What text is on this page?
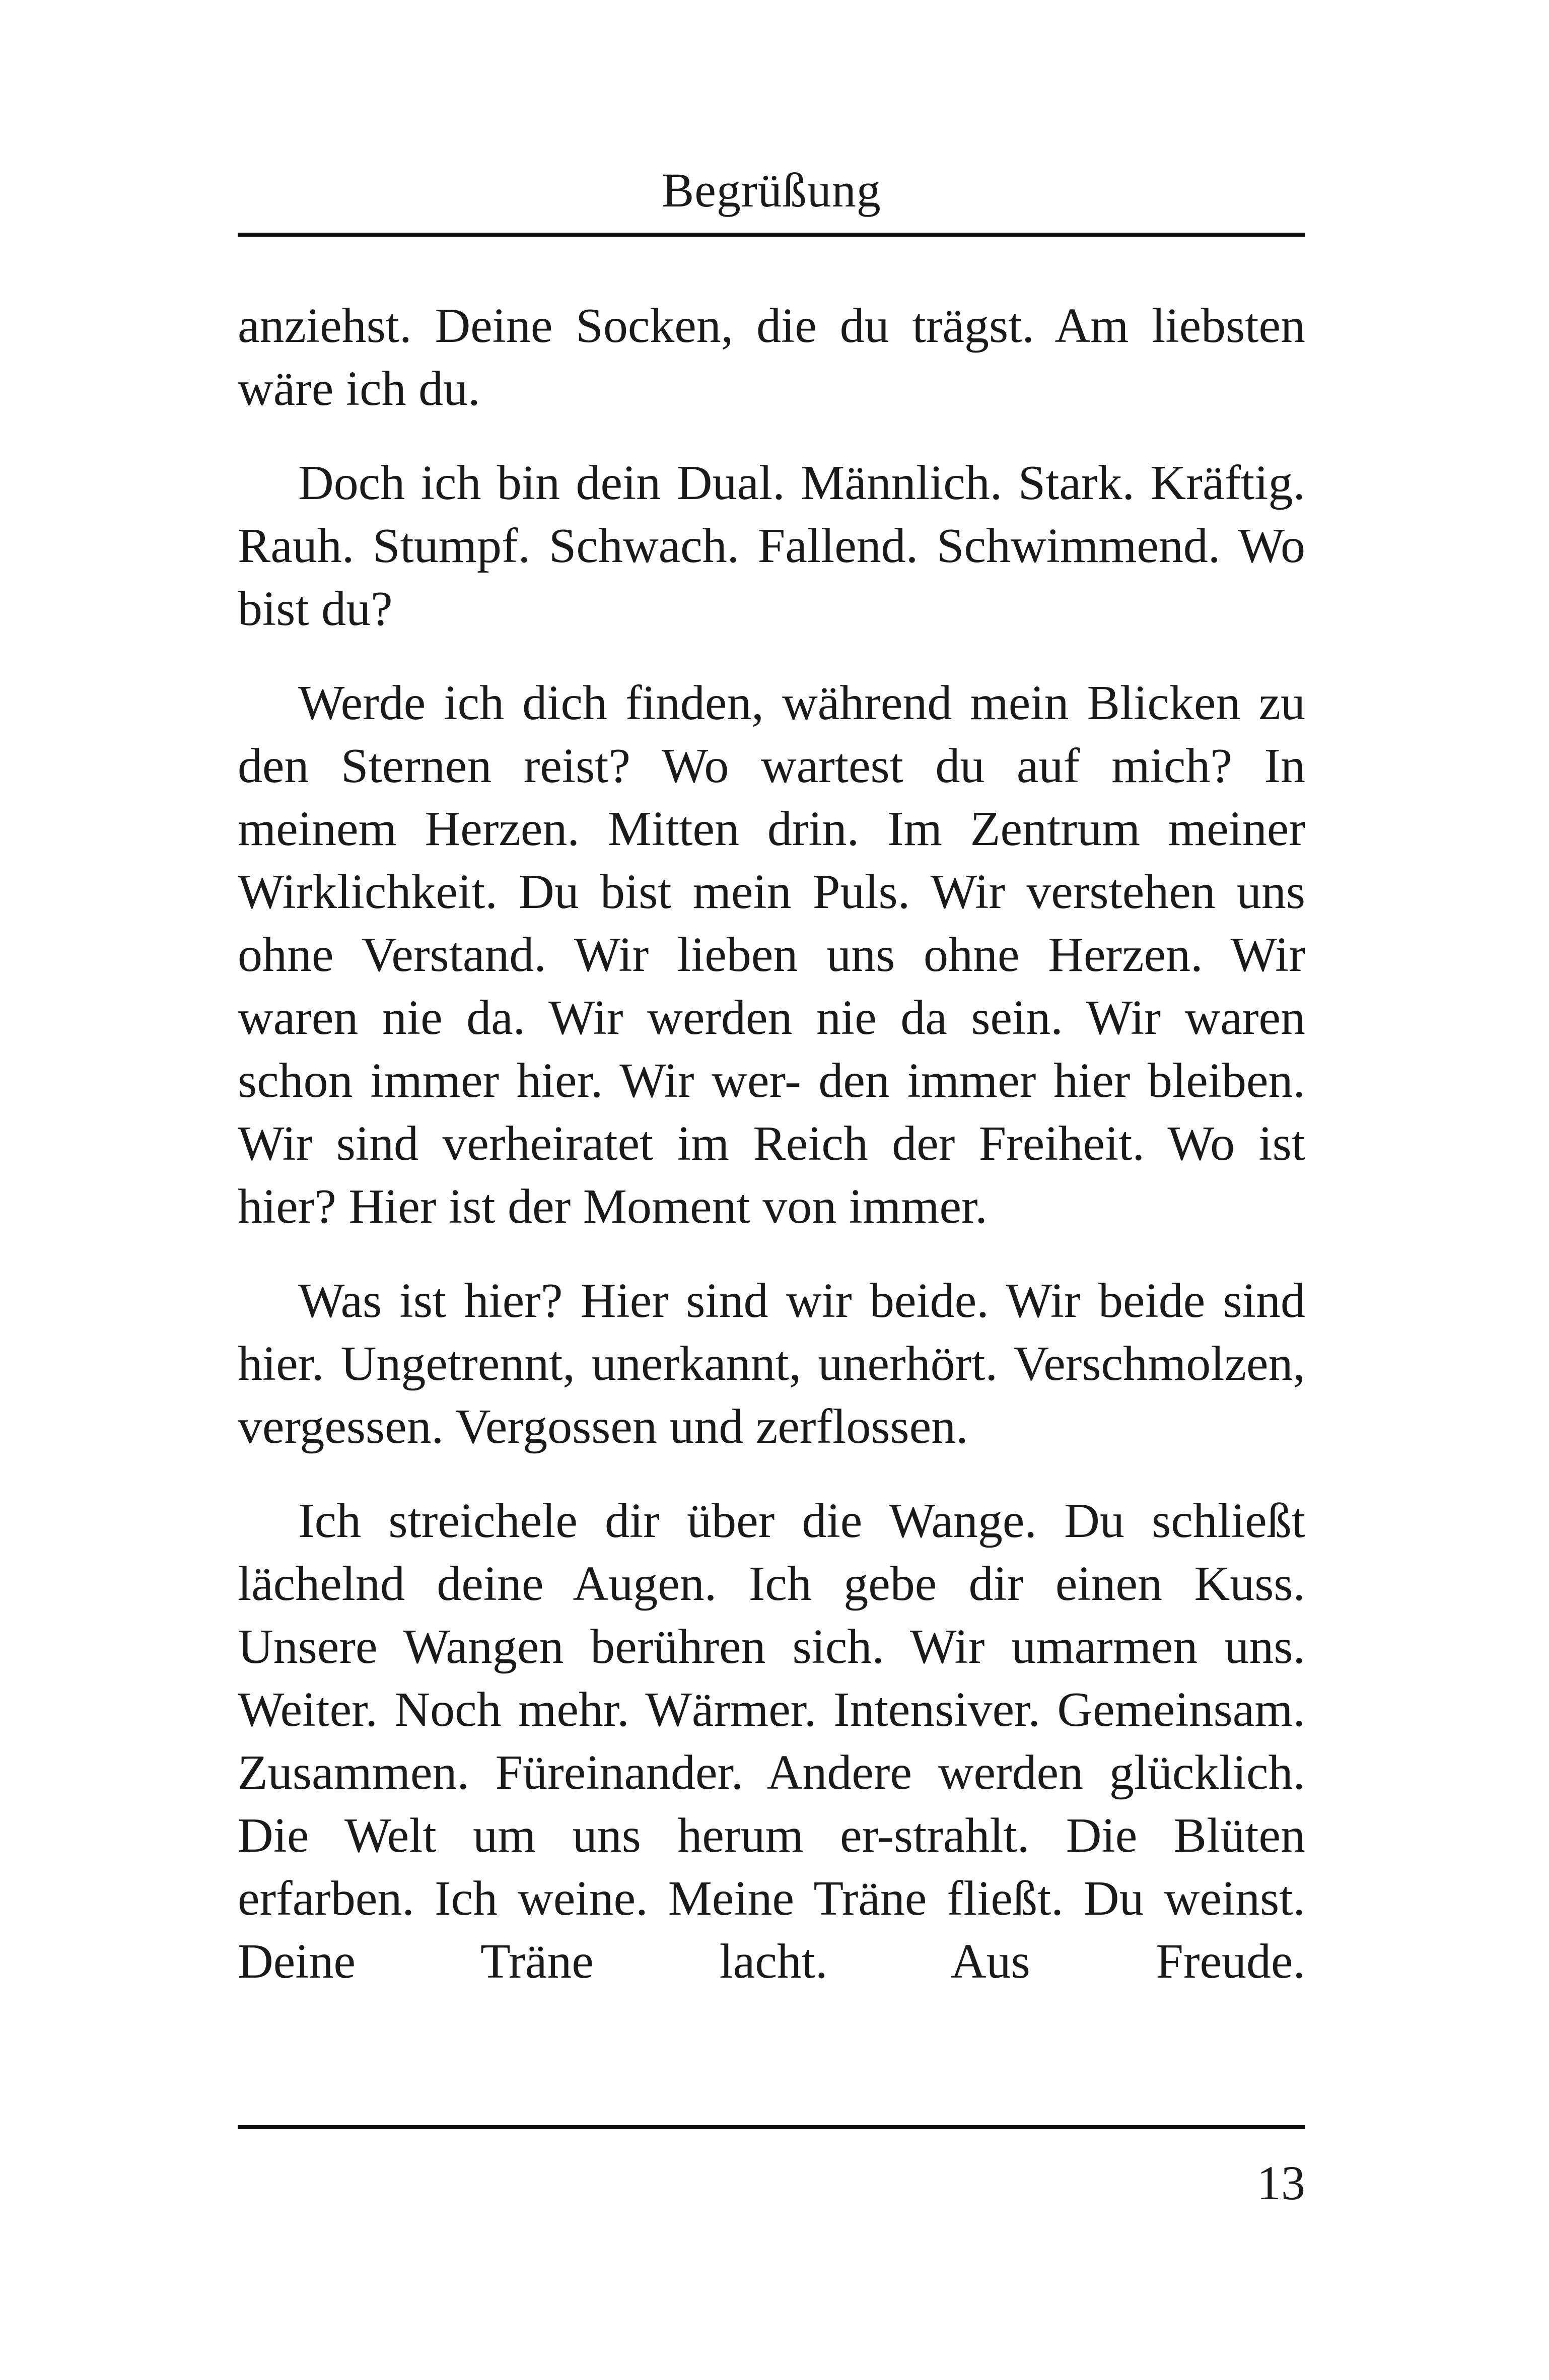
Begrüßung

anziehst. Deine Socken, die du trägst. Am liebsten wäre ich du.

Doch ich bin dein Dual. Männlich. Stark. Kräftig. Rauh. Stumpf. Schwach. Fallend. Schwimmend. Wo bist du?

Werde ich dich finden, während mein Blicken zu den Sternen reist? Wo wartest du auf mich? In meinem Herzen. Mitten drin. Im Zentrum meiner Wirklichkeit. Du bist mein Puls. Wir verstehen uns ohne Verstand. Wir lieben uns ohne Herzen. Wir waren nie da. Wir werden nie da sein. Wir waren schon immer hier. Wir wer- den immer hier bleiben. Wir sind verheiratet im Reich der Freiheit. Wo ist hier? Hier ist der Moment von immer.

Was ist hier? Hier sind wir beide. Wir beide sind hier. Ungetrennt, unerkannt, unerhört. Verschmolzen, vergessen. Vergossen und zerflossen.

Ich streichele dir über die Wange. Du schließt lächelnd deine Augen. Ich gebe dir einen Kuss. Unsere Wangen berühren sich. Wir umarmen uns. Weiter. Noch mehr. Wärmer. Intensiver. Gemeinsam. Zusammen. Füreinander. Andere werden glücklich. Die Welt um uns herum er-strahlt. Die Blüten erfarben. Ich weine. Meine Träne fließt. Du weinst. Deine Träne lacht. Aus Freude.

13
